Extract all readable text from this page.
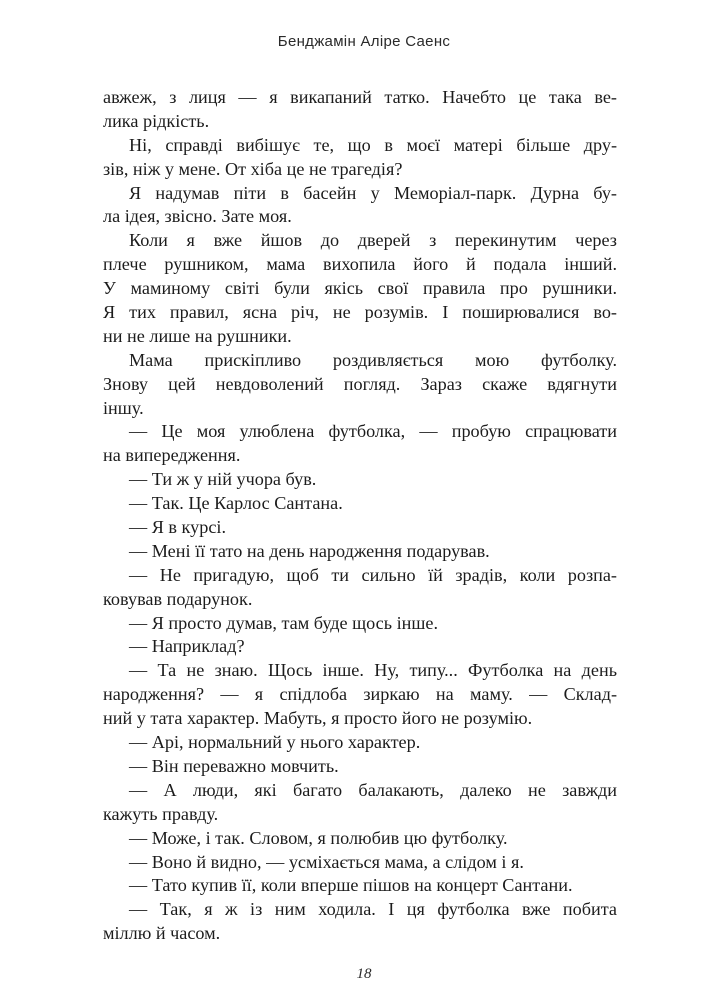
Бенджамін Аліре Саенс
авжеж, з лиця — я викапаний татко. Начебто це така ве-
лика рідкість.
Ні, справді вибішує те, що в моєї матері більше дру-
зів, ніж у мене. От хіба це не трагедія?
Я надумав піти в басейн у Меморіал-парк. Дурна бу-
ла ідея, звісно. Зате моя.
Коли я вже йшов до дверей з перекинутим через
плече рушником, мама вихопила його й подала інший.
У маминому світі були якісь свої правила про рушники.
Я тих правил, ясна річ, не розумів. І поширювалися во-
ни не лише на рушники.
Мама прискіпливо роздивляється мою футболку.
Знову цей невдоволений погляд. Зараз скаже вдягнути
іншу.
— Це моя улюблена футболка, — пробую спрацювати
на випередження.
— Ти ж у ній учора був.
— Так. Це Карлос Сантана.
— Я в курсі.
— Мені її тато на день народження подарував.
— Не пригадую, щоб ти сильно їй зрадів, коли розпа-
ковував подарунок.
— Я просто думав, там буде щось інше.
— Наприклад?
— Та не знаю. Щось інше. Ну, типу... Футболка на день
народження? — я спідлоба зиркаю на маму. — Склад-
ний у тата характер. Мабуть, я просто його не розумію.
— Арі, нормальний у нього характер.
— Він переважно мовчить.
— А люди, які багато балакають, далеко не завжди
кажуть правду.
— Може, і так. Словом, я полюбив цю футболку.
— Воно й видно, — усміхається мама, а слідом і я.
— Тато купив її, коли вперше пішов на концерт Сантани.
— Так, я ж із ним ходила. І ця футболка вже побита
міллю й часом.
18
